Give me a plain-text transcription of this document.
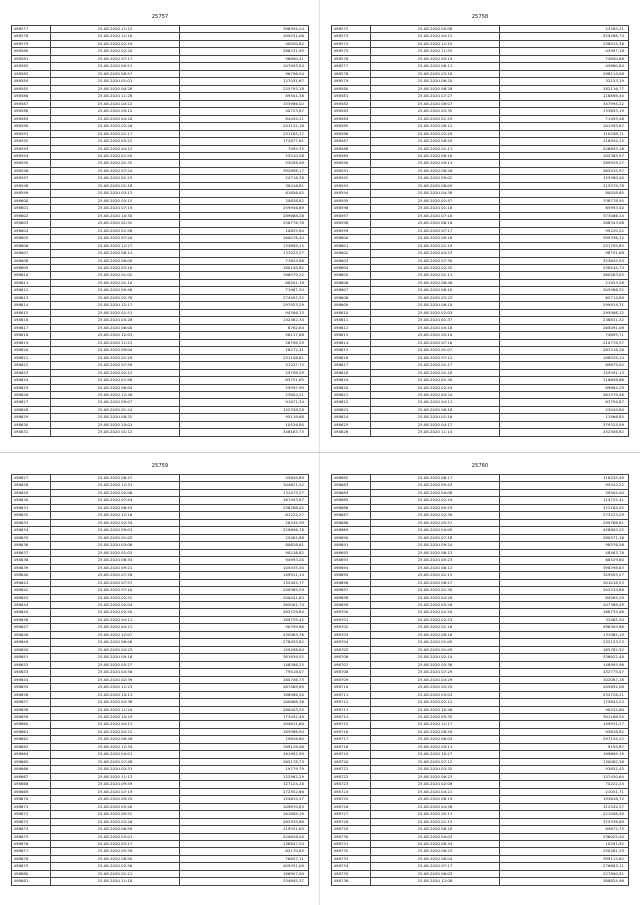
25757
498577	25.08.2020 11:15	396994,24
498578	25.08.2020 11:16	109231,06
498579	25.08.2020 02:19	40050,82
498580	25.08.2020 02:20	286231,95
498581	25.08.2020 07:17	96690,41
498582	25.08.2020 09:51	107093,54
498583	25.08.2020 08:57	96796,54
498584	25.08.2020 01:01	127031,67
498585	25.08.2020 00:28	225793,18
498586	25.08.2020 11:28	89501,38
498587	25.08.2020 04:22	153986,02
498588	25.08.2020 09:12	40723,87
498589	25.08.2020 04:20	84494,21
498590	25.08.2020 02:26	241132,16
498591	25.08.2020 01:17	231165,37
498592	25.08.2020 05:22	172877,61
498593	25.08.2020 04:12	7095,35
498594	25.08.2020 01:50	23210,58
498595	25.08.2020 01:32	53058,09
498596	25.08.2020 07:24	392898,17
498597	25.08.2020 01:25	24716,38
498598	25.08.2020 01:18	38416,61
498599	25.08.2020 03:13	61656,02
498600	25.08.2020 05:15	20638,82
498601	25.08.2020 07:19	259956,69
498602	25.08.2020 10:30	289668,28
498603	25.08.2020 01:52	256776,78
498604	25.08.2020 01:56	10625,84
498605	25.08.2020 07:20	160076,44
498606	25.08.2020 12:27	133699,15
498607	25.08.2020 06:14	137023,27
498608	25.08.2020 08:09	77625,88
498609	25.08.2020 03:16	180149,62
498610	25.08.2020 01:02	196579,22
498611	25.08.2020 01:10	68201,78
498612	25.08.2020 09:48	71967,34
498613	25.08.2020 02:76	274497,22
498614	25.08.2020 12:17	297923,29
498615	25.08.2020 01:51	94306,13
498616	25.08.2020 04:28	132462,34
498617	25.08.2020 06:00	8762,84
498618	25.08.2020 12:03	56117,68
498619	25.08.2020 11:51	26798,29
498620	25.08.2020 09:04	16272,41
498621	25.08.2020 01:29	231156,61
498622	25.08.2020 07:59	51227,72
498623	25.08.2020 02:12	29798,29
498624	25.08.2020 01:58	83751,65
498625	25.08.2020 06:04	29597,99
498626	25.08.2020 12:48	23804,21
498627	25.08.2020 09:07	91671,34
498628	25.08.2020 01:24	152338,28
498629	25.08.2020 08:32	95119,68
498630	25.08.2020 10:01	10526,80
498631	25.08.2020 01:12	346163,73
25758
498572	25.08.2020 05:08	23285,21
498573	25.08.2020 04:12	529286,74
498574	25.08.2020 12:15	238915,36
498575	25.08.2020 11:55	43997,18
498576	25.08.2020 05:19	74850,68
498577	25.08.2020 06:11	45660,64
498578	25.08.2020 03:10	298114,08
498579	25.08.2020 06:20	32153,19
498580	25.08.2020 06:28	282116,77
498581	25.08.2020 07:27	218698,40
498582	25.08.2020 08:07	347994,22
498583	25.08.2020 03:35	133693,19
498584	25.08.2020 01:29	71493,48
498585	25.08.2020 08:12	101495,67
498586	25.08.2020 02:29	310298,71
498587	25.08.2020 08:29	218934,13
498588	25.08.2020 01:13	226693,16
498589	25.08.2020 09:16	105365,97
498590	25.08.2020 09:14	289929,27
498591	25.08.2020 06:26	262915,97
498592	25.08.2020 09:02	159380,40
498593	25.08.2020 08:09	215579,78
498594	25.08.2020 04:38	80058,65
498595	25.08.2020 02:47	338778,95
498596	25.08.2020 01:18	65993,40
498597	25.08.2020 07:16	373086,14
498598	25.08.2020 06:16	288343,08
498599	25.08.2020 07:17	99220,52
498600	25.08.2020 09:16	399336,12
498601	25.08.2020 01:19	251795,85
498602	25.08.2020 04:23	98751,68
498603	25.08.2020 07:30	323845,93
498604	25.08.2020 02:32	538244,74
498605	25.08.2020 01:13	260263,05
498606	25.08.2020 06:46	21453,28
498607	25.08.2020 08:10	205566,32
498608	25.08.2020 03:23	62714,69
498609	25.08.2020 06:10	299914,71
498610	25.08.2020 02:03	295988,12
498611	25.08.2020 01:37	238831,32
498612	25.08.2020 04:16	265091,08
498613	25.08.2020 05:10	74695,71
498614	25.08.2020 07:16	210778,37
498615	25.08.2020 01:07	283316,26
498616	25.08.2020 07:12	188529,14
498617	25.08.2020 01:17	89675,02
498618	25.08.2020 01:18	159591,13
498619	25.08.2020 01:30	218656,66
498620	25.08.2020 02:24	89684,29
498621	25.08.2020 04:24	261579,46
498622	25.08.2020 04:11	63794,87
498623	25.08.2020 08:18	23049,80
498624	25.08.2020 01:16	11966,85
498625	25.08.2020 04:17	379325,09
498626	25.08.2020 11:14	252506,82
25759
498627	25.08.2020 06:47	45849,89
498628	25.08.2020 12:31	104621,52
498629	25.08.2020 02:06	131473,27
498630	25.08.2020 07:44	167493,87
498631	25.08.2020 06:43	238286,02
498632	25.08.2020 12:16	61222,27
498633	25.08.2020 02:34	28245,39
498634	25.08.2020 09:03	229696,78
498635	25.08.2020 01:05	25461,68
498636	25.08.2020 03:06	80626,61
498637	25.08.2020 01:03	90216,82
498638	25.08.2020 06:34	94993,20
498639	25.08.2020 09:21	145435,20
498640	25.08.2020 07:28	149911,14
498641	25.08.2020 07:57	132405,77
498642	25.08.2020 07:10	249569,59
498643	25.08.2020 02:52	200041,63
498644	25.08.2020 02:04	265002,74
498645	25.08.2020 02:50	282729,64
498646	25.08.2020 04:11	189729,42
498647	25.08.2020 04:21	90799,66
498648	25.08.2020 12:07	430963,76
498649	25.08.2020 08:08	278455,62
498650	25.08.2020 04:23	159298,64
498651	25.08.2020 09:16	381939,52
498652	25.08.2020 05:27	148586,25
498653	25.08.2020 04:56	79418,07
498654	25.08.2020 02:39	180706,73
498655	25.08.2020 11:23	267469,69
498656	25.08.2020 10:13	188986,20
498657	25.08.2020 04:38	100666,36
498658	25.08.2020 11:24	280403,35
498659	25.08.2020 10:19	173492,49
498660	25.08.2020 04:13	104611,60
498661	25.08.2020 04:22	185986,94
498662	25.08.2020 08:28	19828,60
498663	25.08.2020 12:34	199128,06
498664	25.08.2020 04:01	161982,59
498665	25.08.2020 07:48	265178,73
498666	25.08.2020 03:31	19779,79
498667	25.08.2020 11:13	122982,29
498668	25.08.2020 09:59	327124,28
498669	25.08.2020 07:19	272352,66
498670	25.08.2020 09:29	154615,27
498671	25.08.2020 05:40	109670,83
498672	25.08.2020 09:52	161809,19
498673	25.08.2020 03:26	262935,66
498674	25.08.2020 06:59	219551,85
498675	25.08.2020 03:01	220626,40
498676	25.08.2020 03:17	136847,54
498677	25.08.2020 05:59	62170,65
498678	25.08.2020 08:50	76657,11
498679	25.08.2020 02:56	409351,09
498680	25.08.2020 01:21	196957,09
498681	25.08.2020 11:18	334695,37
25760
498682	25.08.2020 06:17	316255,49
498683	25.08.2020 09:43	95522,22
498684	25.08.2020 04:08	59504,00
498685	25.08.2020 02:19	114722,41
498686	25.08.2020 09:25	372164,55
498687	25.08.2020 02:30	273223,29
498688	25.08.2020 05:51	299766,81
498689	25.08.2020 04:09	458805,25
498690	25.08.2020 07:18	280571,16
498691	25.08.2020 09:24	98576,56
498692	25.08.2020 06:13	48463,78
498693	25.08.2020 05:23	68529,80
498694	25.08.2020 06:12	398798,63
498695	25.08.2020 01:13	329955,27
498696	25.08.2020 06:27	301018,53
498697	25.08.2020 01:30	342534,88
498698	25.08.2020 04:28	64565,29
498699	25.08.2020 05:26	207388,49
498700	25.08.2020 01:20	168734,06
498701	25.08.2020 02:23	32465,34
498702	25.08.2020 01:18	496305,86
498703	25.08.2020 08:18	131965,19
498704	25.08.2020 01:09	232133,23
498705	25.08.2020 01:09	165782,52
498706	25.08.2020 02:10	336922,48
498707	25.08.2020 05:38	148995,96
498708	25.08.2020 07:29	432775,07
498709	25.08.2020 04:29	102087,18
498710	25.08.2020 02:29	205692,08
498711	25.08.2020 03:03	232726,21
498712	25.08.2020 02:12	175843,23
498713	25.08.2020 10:48	90252,60
498714	25.08.2020 09:35	301168,50
498715	25.08.2020 11:17	149931,27
498716	25.08.2020 08:49	93616,82
498717	25.08.2020 06:03	297154,22
498718	25.08.2020 09:11	9195,87
498719	25.08.2020 10:27	189609,19
498720	25.08.2020 07:12	130062,36
498721	25.08.2020 03:32	93652,45
498722	25.08.2020 06:23	137450,64
498723	25.08.2020 02:06	70222,24
498724	25.08.2020 04:21	21051,71
498725	25.08.2020 06:19	193616,72
498726	25.08.2020 04:56	312542,27
498727	25.08.2020 05:13	221006,49
498728	25.08.2020 01:15	375336,69
498729	25.08.2020 06:18	85672,75
498730	25.08.2020 04:03	236025,40
498731	25.08.2020 08:34	10291,92
498732	25.08.2020 06:23	250261,29
498733	25.08.2020 08:04	399112,62
498734	25.08.2020 07:17	276683,11
498735	25.08.2020 06:03	227890,91
498736	25.08.2020 12:08	388824,96
